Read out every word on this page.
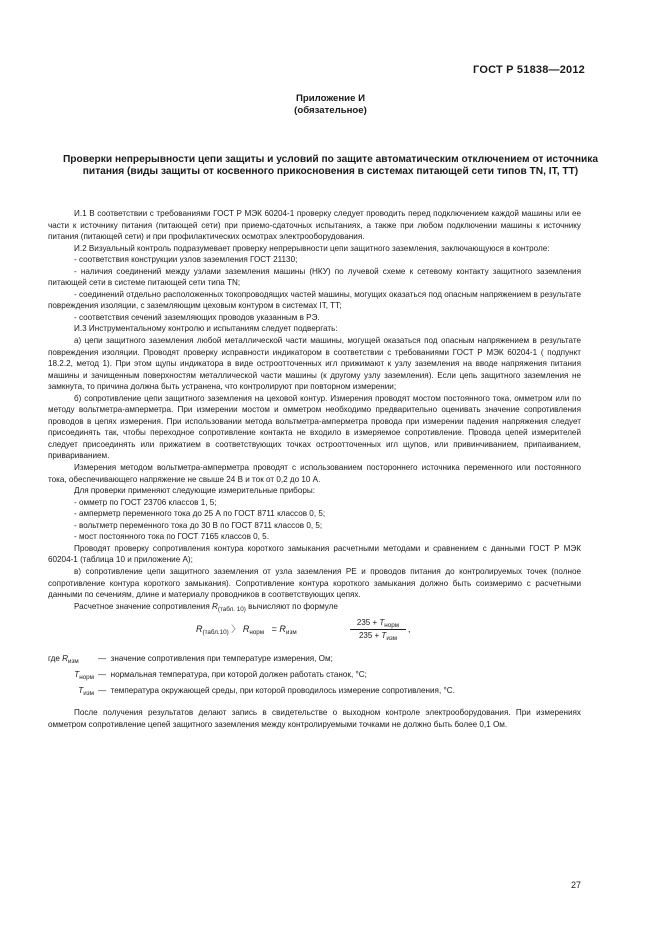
ГОСТ Р 51838—2012
Приложение И
(обязательное)
Проверки непрерывности цепи защиты и условий по защите автоматическим отключением от источника питания (виды защиты от косвенного прикосновения в системах питающей сети типов TN, IT, TT)

И.1 В соответствии с требованиями ГОСТ Р МЭК 60204-1 проверку следует проводить перед подключением каждой машины или ее части к источнику питания (питающей сети) при приемо-сдаточных испытаниях, а также при любом подключении машины к источнику питания (питающей сети) и при профилактических осмотрах электрооборудования.

И.2 Визуальный контроль подразумевает проверку непрерывности цепи защитного заземления, заключающуюся в контроле:

- соответствия конструкции узлов заземления ГОСТ 21130;

- наличия соединений между узлами заземления машины (НКУ) по лучевой схеме к сетевому контакту защитного заземления питающей сети в системе питающей сети типа TN;

- соединений отдельно расположенных токопроводящих частей машины, могущих оказаться под опасным напряжением в результате повреждения изоляции, с заземляющим цеховым контуром в системах IT, TT;

- соответствия сечений заземляющих проводов указанным в РЭ.

И.3 Инструментальному контролю и испытаниям следует подвергать:

а) цепи защитного заземления любой металлической части машины, могущей оказаться под опасным напряжением в результате повреждения изоляции. Проводят проверку исправности индикатором в соответствии с требованиями ГОСТ Р МЭК 60204-1 ( подпункт 18.2.2, метод 1). При этом щупы индикатора в виде остроотточенных игл прижимают к узлу заземления на вводе напряжения питания машины и зачищенным поверхностям металлической части машины (к другому узлу заземления). Если цепь защитного заземления не замкнута, то причина должна быть устранена, что контролируют при повторном измерении;

б) сопротивление цепи защитного заземления на цеховой контур. Измерения проводят мостом постоянного тока, омметром или по методу вольтметра-амперметра. При измерении мостом и омметром необходимо предварительно оценивать значение сопротивления проводов в цепях измерения. При использовании метода вольтметра-амперметра провода при измерении падения напряжения следует присоединять так, чтобы переходное сопротивление контакта не входило в измеряемое сопротивление. Провода цепей измерителей следует присоединять или прижатием в соответствующих точках остроотточенных игл щупов, или привинчиванием, припаиванием, привариванием.

Измерения методом вольтметра-амперметра проводят с использованием постороннего источника переменного или постоянного тока, обеспечивающего напряжение не свыше 24 В и ток от 0,2 до 10 А.

Для проверки применяют следующие измерительные приборы:

- омметр по ГОСТ 23706 классов 1, 5;

- амперметр переменного тока до 25 А по ГОСТ 8711 классов 0, 5;

- вольтметр переменного тока до 30 В по ГОСТ 8711 классов 0, 5;

- мост постоянного тока по ГОСТ 7165 классов 0, 5.

Проводят проверку сопротивления контура короткого замыкания расчетными методами и сравнением с данными ГОСТ Р МЭК 60204-1 (таблица 10 и приложение А);

в) сопротивление цепи защитного заземления от узла заземления РЕ и проводов питания до контролируемых точек (полное сопротивление контура короткого замыкания). Сопротивление контура короткого замыкания должно быть соизмеримо с расчетными данными по сечениям, длине и материалу проводников в соответствующих цепях.

Расчетное значение сопротивления $R_{(табл. 10)}$ вычисляют по формуле

$R_{(табл.10)}$ 〉 $R_{норм} = R_{изм}$
$235 + T_{норм}$
$235 + T_{изм}$
,
где $R_{изм}$	— значение сопротивления при температуре измерения, Ом;
$T_{норм}$ — нормальная температура, при которой должен работать станок, °С;
$T_{изм}$ — температура окружающей среды, при которой проводилось измерение сопротивления, °С.

После получения результатов делают запись в свидетельстве о выходном контроле электрооборудования. При измерениях омметром сопротивление цепей защитного заземления между контролируемыми точками не должно быть более 0,1 Ом.

27
